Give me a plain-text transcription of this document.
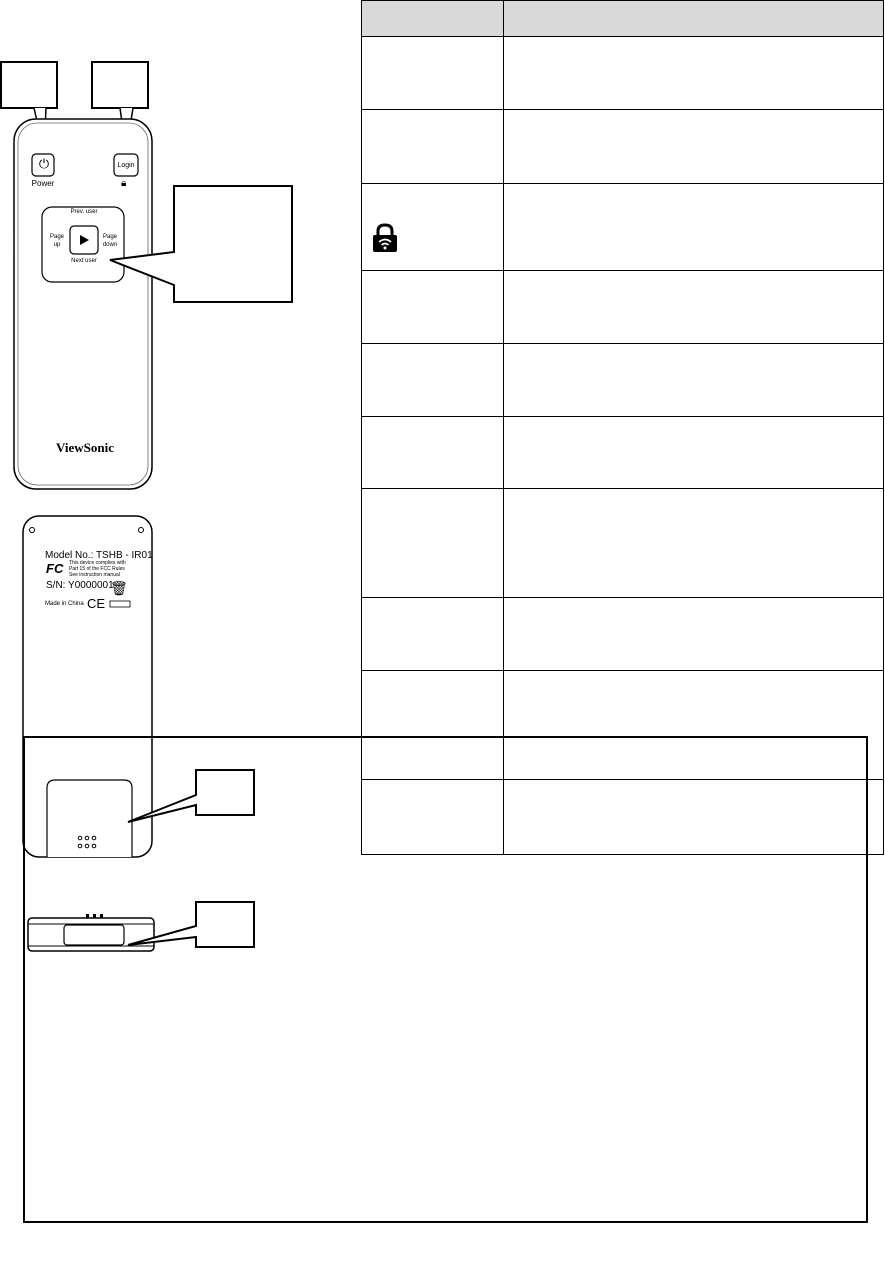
⏻
Power
Login
🔒︎
Prev. user
Next user
Page up
Page down
ViewSonic
Model No.: TSHB - IR01
FC This device complies with
Part 15 of the FCC Rules
See instruction manual
S/N: Y0000001
🗑︎
Made in China CE
